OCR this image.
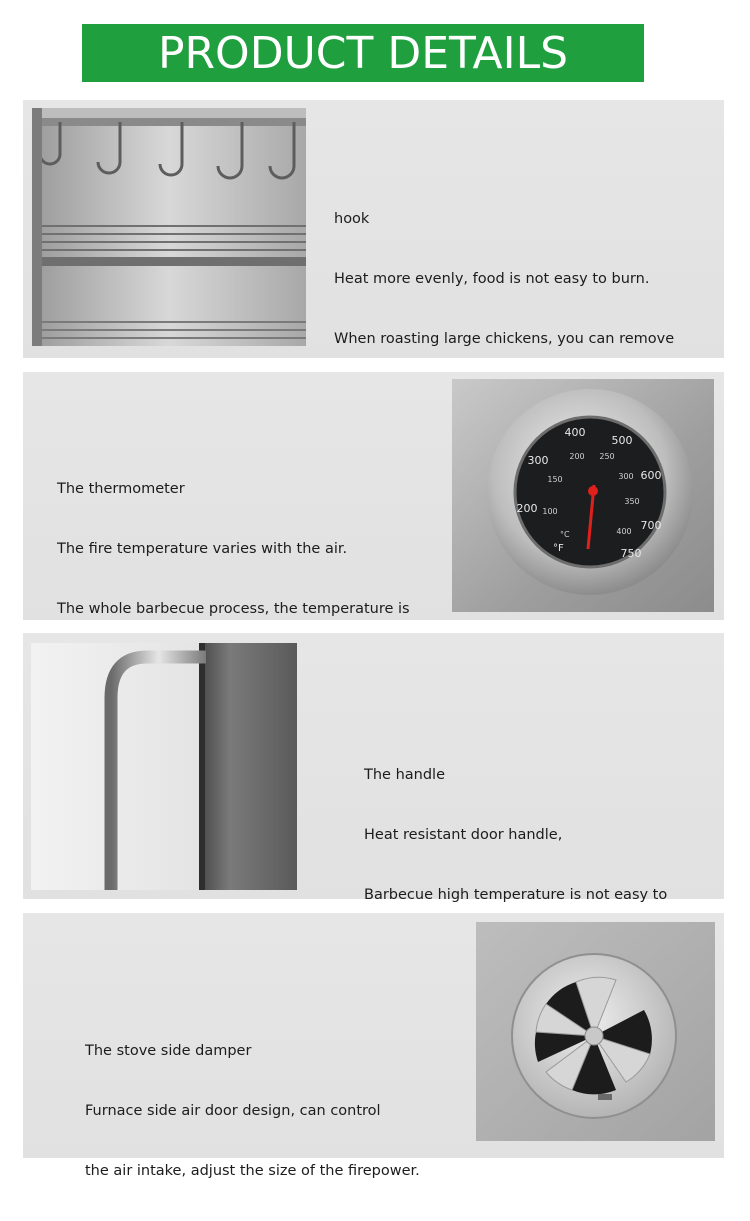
PRODUCT DETAILS

hook

Heat more evenly, food is not easy to burn.

When roasting large chickens, you can remove

The thermometer

The fire temperature varies with the air.

The whole barbecue process, the temperature is

200
300
400
500
600
700
750
100
150
200 250
300
350
400
°F
°C

The handle

Heat resistant door handle,

Barbecue high temperature is not easy to

The stove side damper

Furnace side air door design, can control

the air intake, adjust the size of the firepower.
